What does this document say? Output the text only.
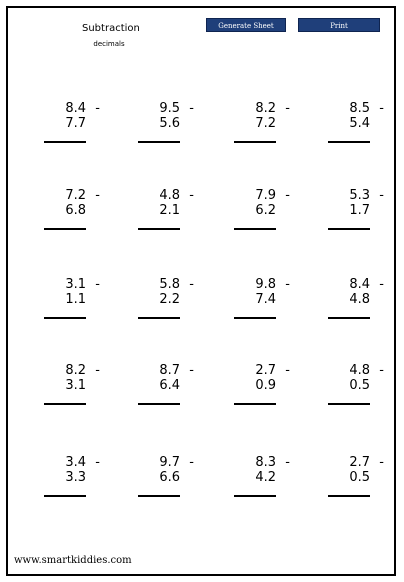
Subtraction
decimals
Generate Sheet	Print
8.4 -
7.7
9.5 -
5.6
8.2 -
7.2
8.5 -
5.4
7.2 -
6.8
4.8 -
2.1
7.9 -
6.2
5.3 -
1.7
3.1 -
1.1
5.8 -
2.2
9.8 -
7.4
8.4 -
4.8
8.2 -
3.1
8.7 -
6.4
2.7 -
0.9
4.8 -
0.5
3.4 -
3.3
9.7 -
6.6
8.3 -
4.2
2.7 -
0.5
www.smartkiddies.com
